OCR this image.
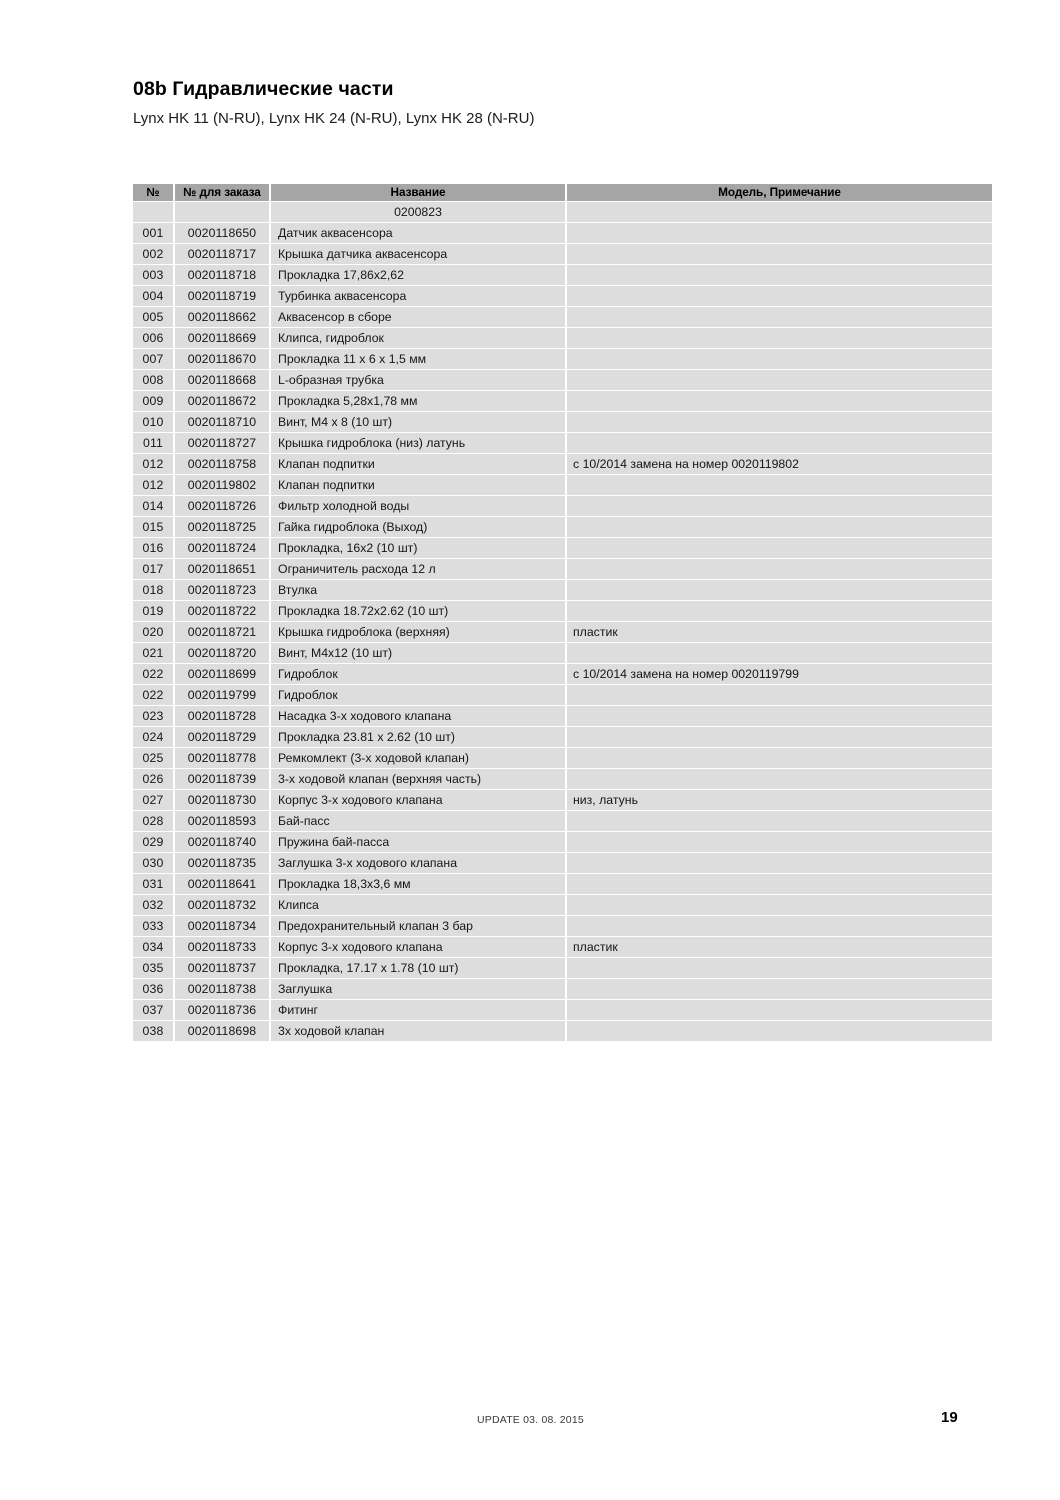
08b Гидравлические части

Lynx HK 11 (N-RU), Lynx HK 24 (N-RU), Lynx HK 28 (N-RU)

№		№ для заказа		Название		Модель, Примечание
				0200823		
001		0020118650		Датчик аквасенсора		
002		0020118717		Крышка датчика аквасенсора		
003		0020118718		Прокладка 17,86х2,62		
004		0020118719		Турбинка аквасенсора		
005		0020118662		Аквасенсор в сборе		
006		0020118669		Клипса, гидроблок		
007		0020118670		Прокладка 11 х 6 х 1,5 мм		
008		0020118668		L-образная трубка		
009		0020118672		Прокладка 5,28х1,78 мм		
010		0020118710		Винт, М4 х 8 (10 шт)		
011		0020118727		Крышка гидроблока (низ) латунь		
012		0020118758		Клапан подпитки		с 10/2014 замена на номер 0020119802
012		0020119802		Клапан подпитки		
014		0020118726		Фильтр холодной воды		
015		0020118725		Гайка гидроблока (Выход)		
016		0020118724		Прокладка, 16х2 (10 шт)		
017		0020118651		Ограничитель расхода 12 л		
018		0020118723		Втулка		
019		0020118722		Прокладка 18.72х2.62 (10 шт)		
020		0020118721		Крышка гидроблока (верхняя)		пластик
021		0020118720		Винт, М4х12 (10 шт)		
022		0020118699		Гидроблок		с 10/2014 замена на номер 0020119799
022		0020119799		Гидроблок		
023		0020118728		Насадка 3-х ходового клапана		
024		0020118729		Прокладка 23.81 х 2.62 (10 шт)		
025		0020118778		Ремкомлект (3-х ходовой клапан)		
026		0020118739		3-х ходовой клапан (верхняя часть)		
027		0020118730		Корпус 3-х ходового клапана		низ, латунь
028		0020118593		Бай-пасс		
029		0020118740		Пружина бай-пасса		
030		0020118735		Заглушка 3-х ходового клапана		
031		0020118641		Прокладка 18,3х3,6 мм		
032		0020118732		Клипса		
033		0020118734		Предохранительный клапан 3 бар		
034		0020118733		Корпус 3-х ходового клапана		пластик
035		0020118737		Прокладка, 17.17 х 1.78 (10 шт)		
036		0020118738		Заглушка		
037		0020118736		Фитинг		
038		0020118698		3х ходовой клапан		
UPDATE 03. 08. 2015	19
